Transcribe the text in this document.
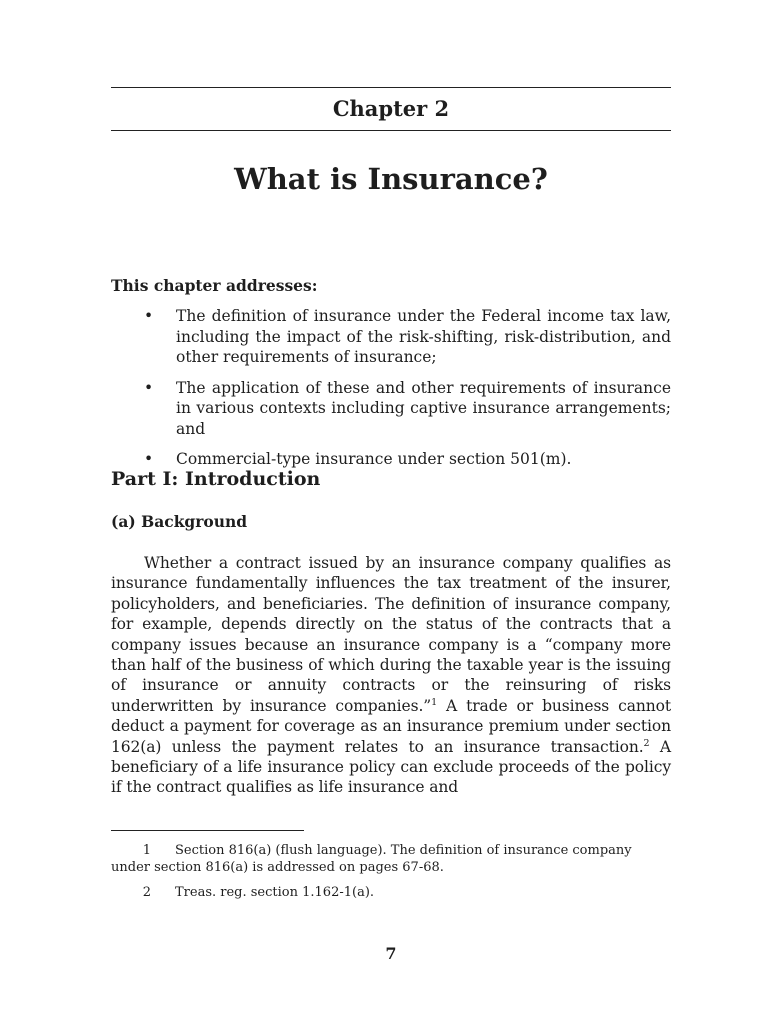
Chapter 2
What is Insurance?
This chapter addresses:
• The definition of insurance under the Federal income tax law, including the impact of the risk-shifting, risk-distribution, and other requirements of insurance;
• The application of these and other requirements of insurance in various contexts including captive insurance arrangements; and
• Commercial-type insurance under section 501(m).
Part I: Introduction
(a) Background

Whether a contract issued by an insurance company qualifies as insurance fundamentally influences the tax treatment of the insurer, policyholders, and beneficiaries. The definition of insurance company, for example, depends directly on the status of the contracts that a company issues because an insurance company is a “company more than half of the business of which during the taxable year is the issuing of insurance or annuity contracts or the reinsuring of risks underwritten by insurance companies.”$^1$ A trade or business cannot deduct a payment for coverage as an insurance premium under section 162(a) unless the payment relates to an insurance transaction.$^2$ A beneficiary of a life insurance policy can exclude proceeds of the policy if the contract qualifies as life insurance and

1 Section 816(a) (flush language). The definition of insurance company under section 816(a) is addressed on pages 67-68.

2 Treas. reg. section 1.162-1(a).

7
